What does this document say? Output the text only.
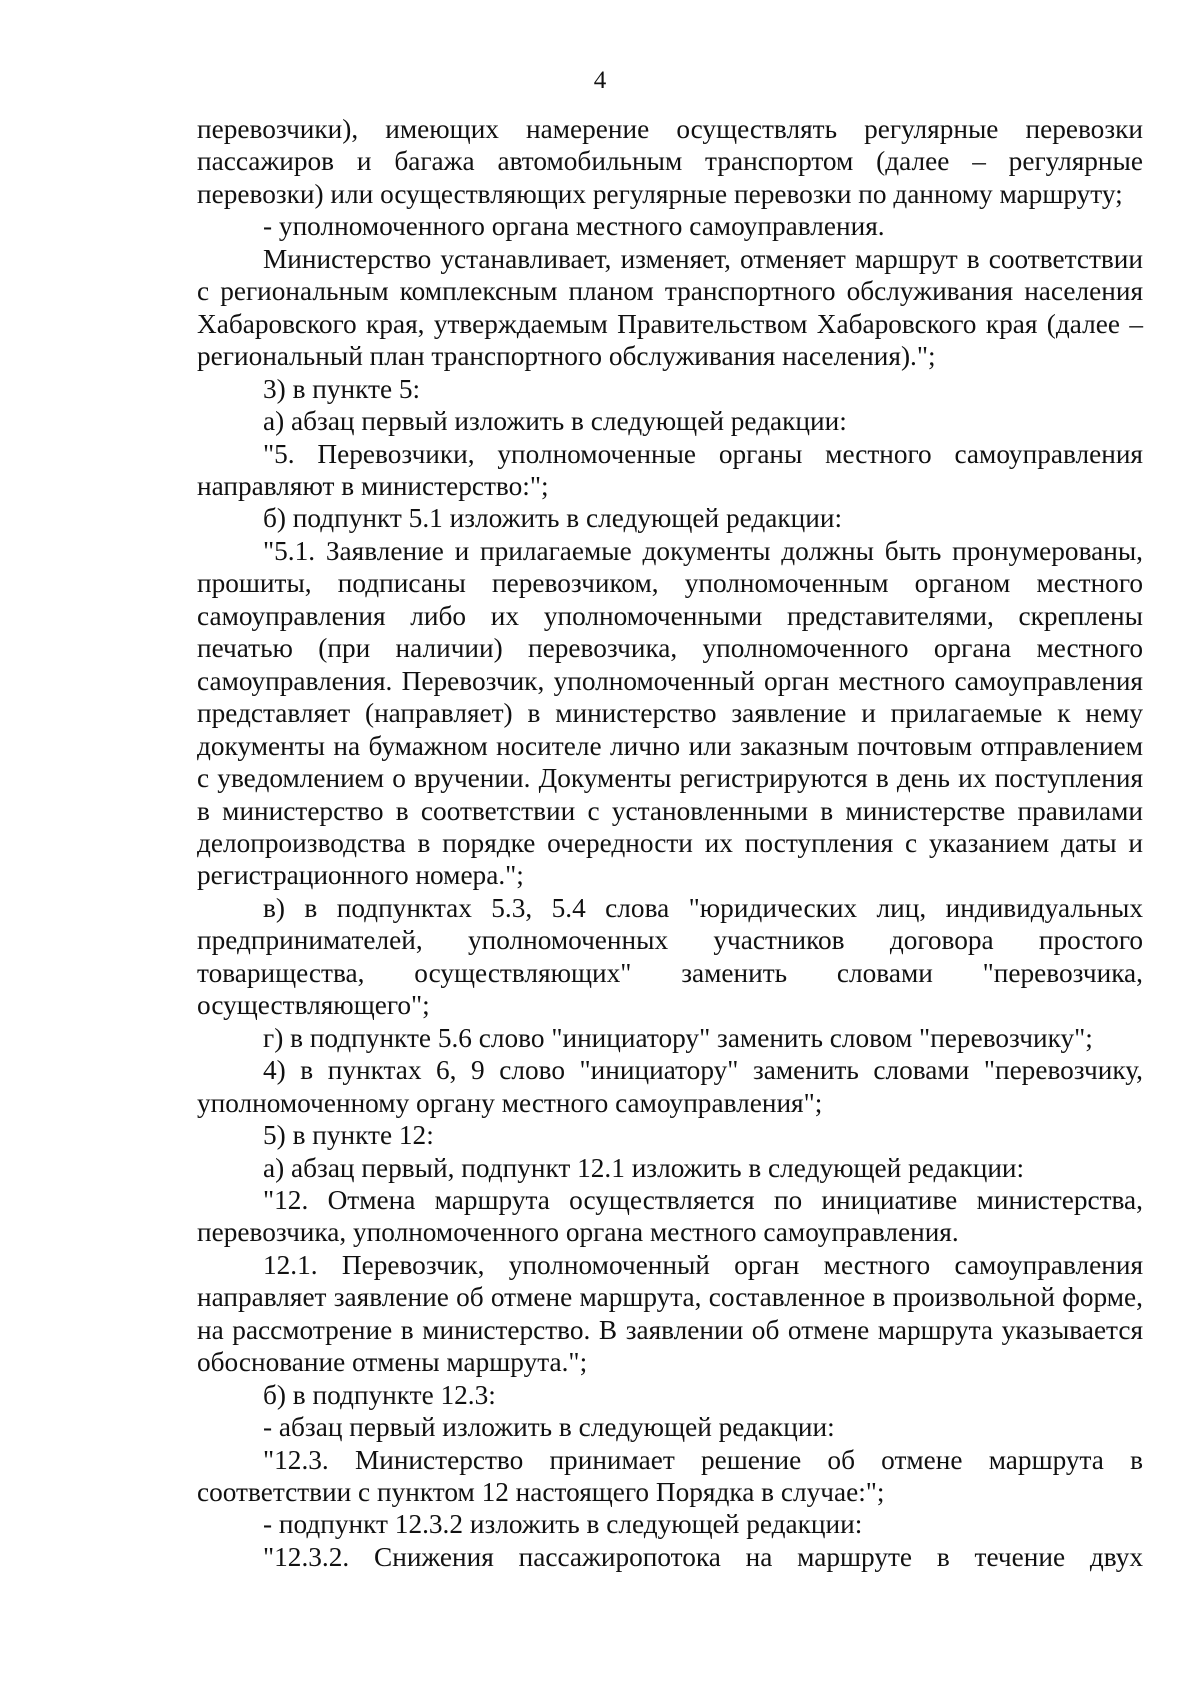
4

перевозчики), имеющих намерение осуществлять регулярные перевозки пассажиров и багажа автомобильным транспортом (далее – регулярные перевозки) или осуществляющих регулярные перевозки по данному маршруту;

- уполномоченного органа местного самоуправления.

Министерство устанавливает, изменяет, отменяет маршрут в соответствии с региональным комплексным планом транспортного обслуживания населения Хабаровского края, утверждаемым Правительством Хабаровского края (далее – региональный план транспортного обслуживания населения).";

3) в пункте 5:

а) абзац первый изложить в следующей редакции:

"5. Перевозчики, уполномоченные органы местного самоуправления направляют в министерство:";

б) подпункт 5.1 изложить в следующей редакции:

"5.1. Заявление и прилагаемые документы должны быть пронумерованы, прошиты, подписаны перевозчиком, уполномоченным органом местного самоуправления либо их уполномоченными представителями, скреплены печатью (при наличии) перевозчика, уполномоченного органа местного самоуправления. Перевозчик, уполномоченный орган местного самоуправления представляет (направляет) в министерство заявление и прилагаемые к нему документы на бумажном носителе лично или заказным почтовым отправлением с уведомлением о вручении. Документы регистрируются в день их поступления в министерство в соответствии с установленными в министерстве правилами делопроизводства в порядке очередности их поступления с указанием даты и регистрационного номера.";

в) в подпунктах 5.3, 5.4 слова "юридических лиц, индивидуальных предпринимателей, уполномоченных участников договора простого товарищества, осуществляющих" заменить словами "перевозчика, осуществляющего";

г) в подпункте 5.6 слово "инициатору" заменить словом "перевозчику";

4) в пунктах 6, 9 слово "инициатору" заменить словами "перевозчику, уполномоченному органу местного самоуправления";

5) в пункте 12:

а) абзац первый, подпункт 12.1 изложить в следующей редакции:

"12. Отмена маршрута осуществляется по инициативе министерства, перевозчика, уполномоченного органа местного самоуправления.

12.1. Перевозчик, уполномоченный орган местного самоуправления направляет заявление об отмене маршрута, составленное в произвольной форме, на рассмотрение в министерство. В заявлении об отмене маршрута указывается обоснование отмены маршрута.";

б) в подпункте 12.3:

- абзац первый изложить в следующей редакции:

"12.3. Министерство принимает решение об отмене маршрута в соответствии с пунктом 12 настоящего Порядка в случае:";

- подпункт 12.3.2 изложить в следующей редакции:

"12.3.2. Снижения пассажиропотока на маршруте в течение двух
